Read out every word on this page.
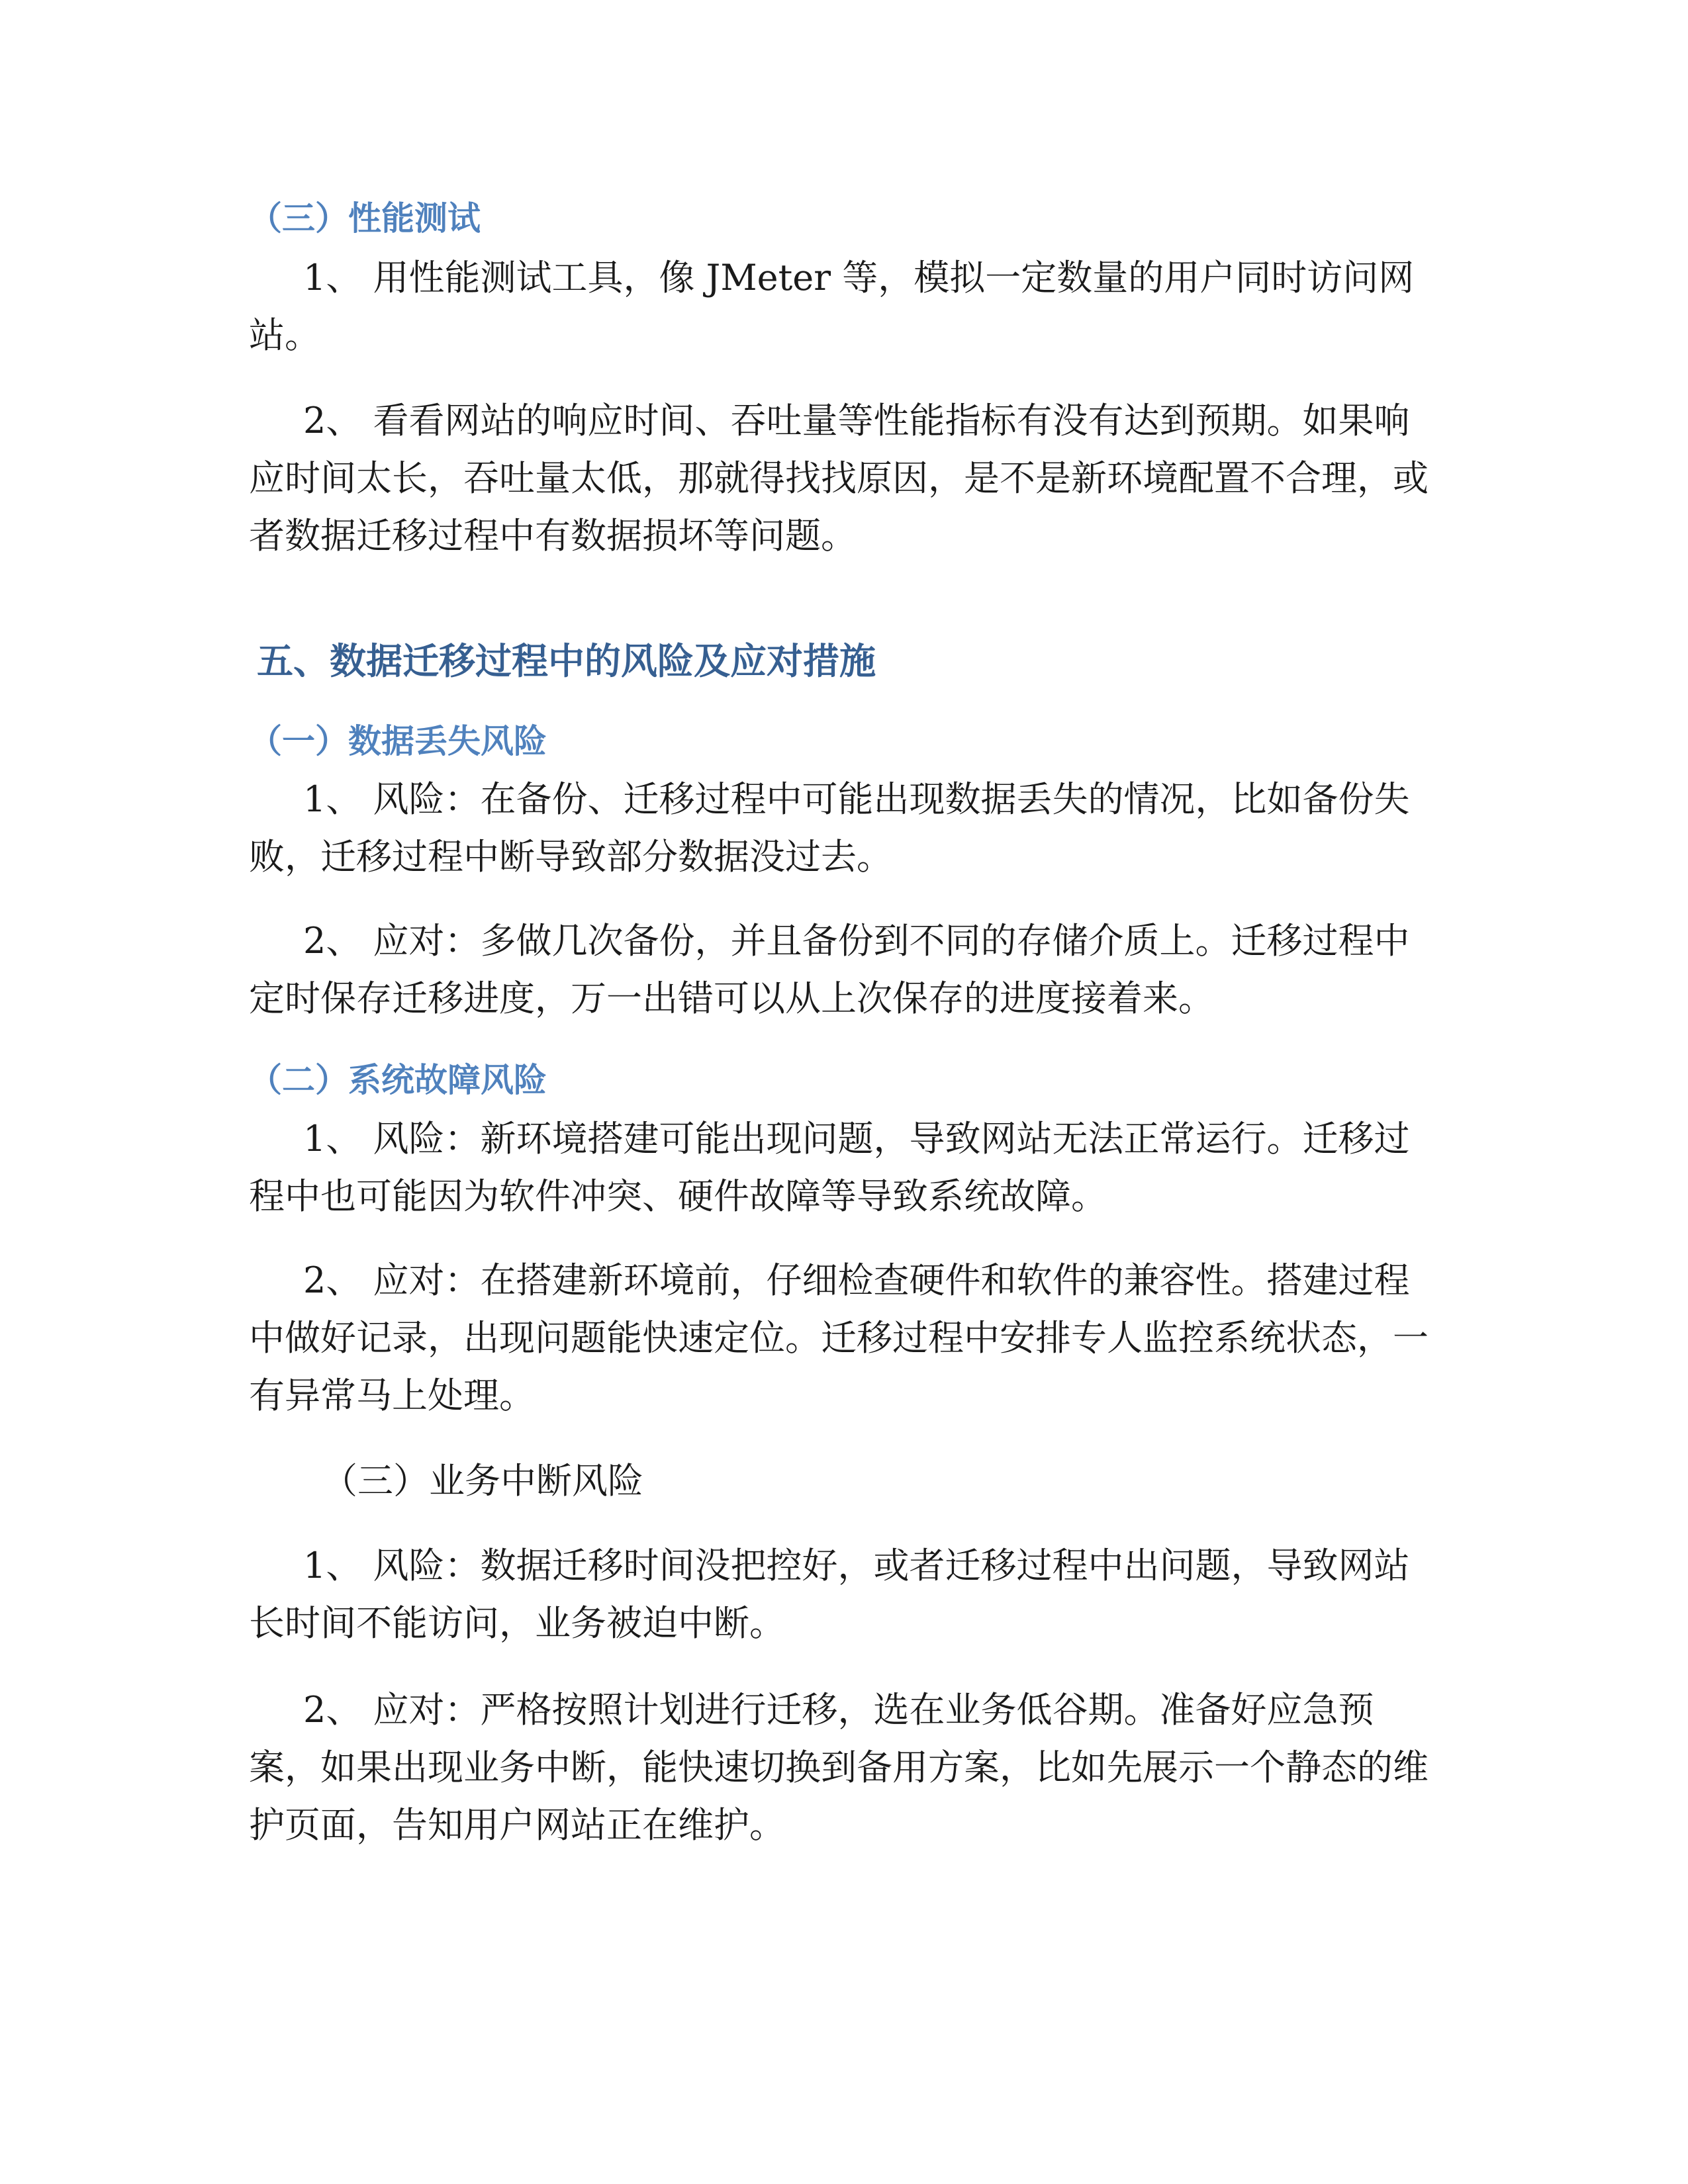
（三）性能测试

1、 用性能测试工具，像 JMeter 等，模拟一定数量的用户同时访问网站。

2、 看看网站的响应时间、吞吐量等性能指标有没有达到预期。如果响应时间太长，吞吐量太低，那就得找找原因，是不是新环境配置不合理，或者数据迁移过程中有数据损坏等问题。

五、数据迁移过程中的风险及应对措施
（一）数据丢失风险

1、 风险：在备份、迁移过程中可能出现数据丢失的情况，比如备份失败，迁移过程中断导致部分数据没过去。

2、 应对：多做几次备份，并且备份到不同的存储介质上。迁移过程中定时保存迁移进度，万一出错可以从上次保存的进度接着来。

（二）系统故障风险

1、 风险：新环境搭建可能出现问题，导致网站无法正常运行。迁移过程中也可能因为软件冲突、硬件故障等导致系统故障。

2、 应对：在搭建新环境前，仔细检查硬件和软件的兼容性。搭建过程中做好记录，出现问题能快速定位。迁移过程中安排专人监控系统状态，一有异常马上处理。

（三）业务中断风险

1、 风险：数据迁移时间没把控好，或者迁移过程中出问题，导致网站长时间不能访问，业务被迫中断。

2、 应对：严格按照计划进行迁移，选在业务低谷期。准备好应急预案，如果出现业务中断，能快速切换到备用方案，比如先展示一个静态的维护页面，告知用户网站正在维护。
